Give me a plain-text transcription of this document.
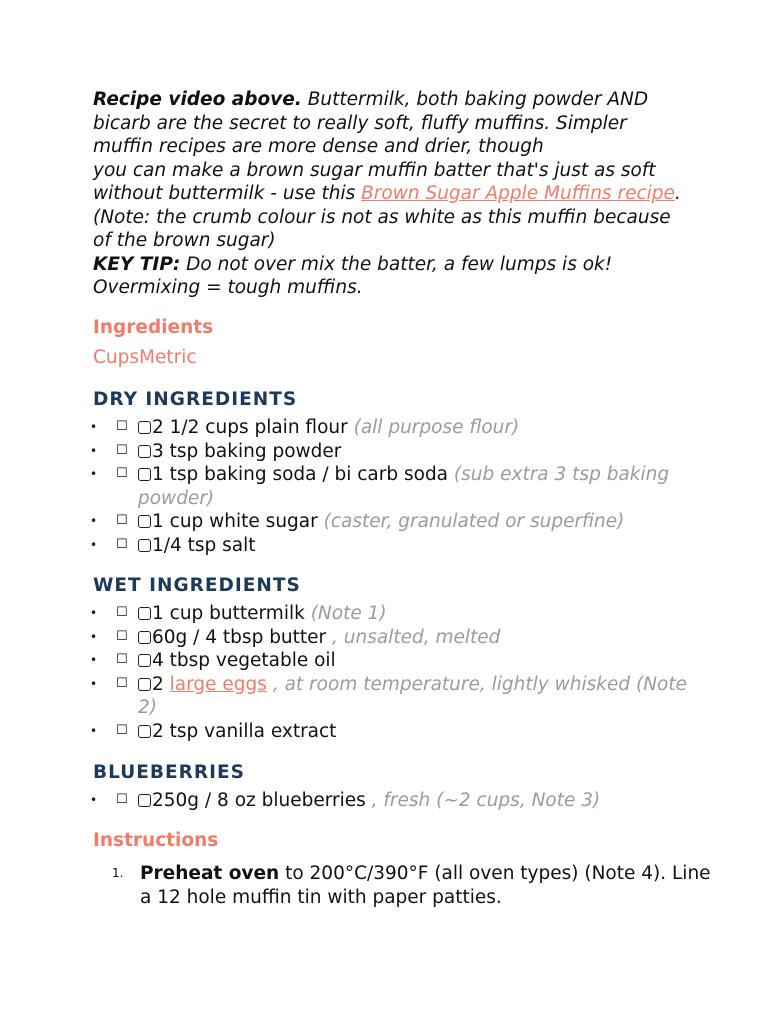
Recipe video above. Buttermilk, both baking powder AND
bicarb are the secret to really soft, fluffy muffins. Simpler
muffin recipes are more dense and drier, though
you can make a brown sugar muffin batter that's just as soft
without buttermilk - use this Brown Sugar Apple Muffins recipe.
(Note: the crumb colour is not as white as this muffin because
of the brown sugar)
KEY TIP: Do not over mix the batter, a few lumps is ok!
Overmixing = tough muffins.
Ingredients
CupsMetric
DRY INGREDIENTS
•	☐	2 1/2 cups plain flour (all purpose flour)
•	☐	3 tsp baking powder
•	☐	1 tsp baking soda / bi carb soda (sub extra 3 tsp baking powder)
•	☐	1 cup white sugar (caster, granulated or superfine)
•	☐	1/4 tsp salt
WET INGREDIENTS
•	☐	1 cup buttermilk (Note 1)
•	☐	60g / 4 tbsp butter , unsalted, melted
•	☐	4 tbsp vegetable oil
•	☐	2 large eggs , at room temperature, lightly whisked (Note 2)
•	☐	2 tsp vanilla extract
BLUEBERRIES
•	☐	250g / 8 oz blueberries , fresh (~2 cups, Note 3)
Instructions
1. Preheat oven to 200°C/390°F (all oven types) (Note 4). Line a 12 hole muffin tin with paper patties.
